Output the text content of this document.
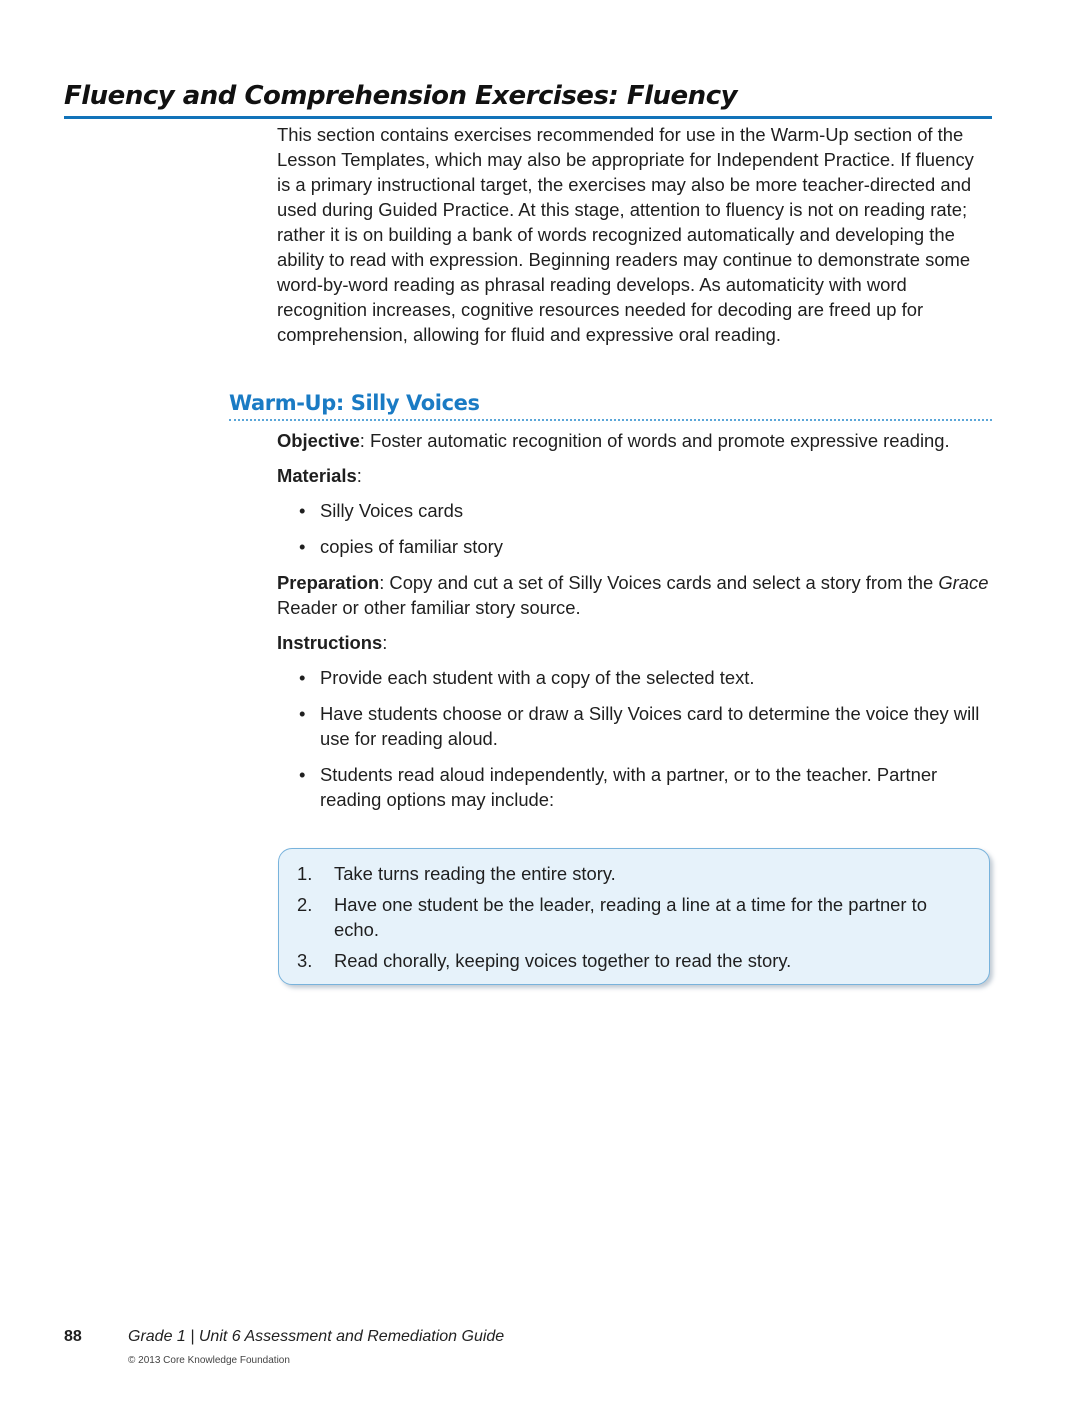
Fluency and Comprehension Exercises: Fluency

This section contains exercises recommended for use in the Warm-Up section of the Lesson Templates, which may also be appropriate for Independent Practice. If fluency is a primary instructional target, the exercises may also be more teacher-directed and used during Guided Practice. At this stage, attention to fluency is not on reading rate; rather it is on building a bank of words recognized automatically and developing the ability to read with expression. Beginning readers may continue to demonstrate some word-by-word reading as phrasal reading develops. As automaticity with word recognition increases, cognitive resources needed for decoding are freed up for comprehension, allowing for fluid and expressive oral reading.

Warm-Up: Silly Voices

Objective: Foster automatic recognition of words and promote expressive reading.

Materials:

• Silly Voices cards
• copies of familiar story

Preparation: Copy and cut a set of Silly Voices cards and select a story from the Grace Reader or other familiar story source.

Instructions:

• Provide each student with a copy of the selected text.
• Have students choose or draw a Silly Voices card to determine the voice they will use for reading aloud.
• Students read aloud independently, with a partner, or to the teacher. Partner reading options may include:
1. Take turns reading the entire story.
2. Have one student be the leader, reading a line at a time for the partner to echo.
3. Read chorally, keeping voices together to read the story.
88	Grade 1 | Unit 6 Assessment and Remediation Guide
© 2013 Core Knowledge Foundation
